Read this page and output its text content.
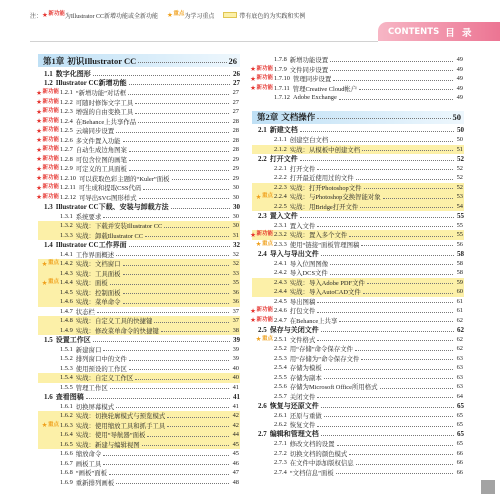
注： ★ 新功能 为Illustrator CC新增功能或全新功能 ★ 重点 为学习重点	带有底色的为实践和实例
CONTENTS 目 录
第1章 初识Illustrator CC	26
1.1 数字化图形	26
1.2 Illustrator CC新增功能	27
★ 新功能 1.2.1 “新增功能”对话框	27
★ 新功能 1.2.2 可随时修饰文字工具	27
★ 新功能 1.2.3 增强的自由变换工具	27
★ 新功能 1.2.4 在Behance上共享作品	28
★ 新功能 1.2.5 云端同步设置	28
★ 新功能 1.2.6 多文件置入功能	28
★ 新功能 1.2.7 自动生成边角图案	28
★ 新功能 1.2.8 可包含位图的画笔	29
★ 新功能 1.2.9 可定义的工具面板	29
★ 新功能 1.2.10 可以获取色彩主题的“Kuler”面板	29
★ 新功能 1.2.11 可生成和提取CSS代码	30
★ 新功能 1.2.12 可导出SVG图形样式	30
1.3 Illustrator CC下载、安装与卸载方法	30
1.3.1 系统要求	30
1.3.2 实战：下载并安装Illustrator CC	30
1.3.3 实战：卸载Illustrator CC	31
1.4 Illustrator CC工作界面	32
1.4.1 工作界面概述	32
★ 重点 1.4.2 实战：文档窗口	32
1.4.3 实战：工具面板	33
★ 重点 1.4.4 实战：面板	35
1.4.5 实战：控制面板	36
1.4.6 实战：菜单命令	36
1.4.7 状态栏	37
1.4.8 实战：自定义工具的快捷键	37
1.4.9 实战：修改菜单命令的快捷键	38
1.5 设置工作区	39
1.5.1 新建窗口	39
1.5.2 排列窗口中的文件	39
1.5.3 使用预设的工作区	40
1.5.4 实战：自定义工作区	40
1.5.5 管理工作区	41
1.6 查看图稿	41
1.6.1 切换屏幕模式	41
1.6.2 实战：切换轮廓模式与预览模式	42
★ 重点 1.6.3 实战：使用缩放工具和抓手工具	42
1.6.4 实战：使用“导航器”面板	44
1.6.5 实战：新建与编辑视图	45
1.6.6 缩放命令	45
1.6.7 画板工具	46
1.6.8 “画板”面板	47
1.6.9 重新排列画板	48
1.7.8 新增功能设置	49
★ 新功能 1.7.9 文件同步设置	49
★ 新功能 1.7.10 管理同步设置	49
★ 新功能 1.7.11 管理Creative Cloud帐户	49
1.7.12 Adobe Exchange	49
第2章 文档操作	50
2.1 新建文档	50
2.1.1 创建空白文档	50
2.1.2 实战：从模板中创建文档	51
2.2 打开文件	52
2.2.1 打开文件	52
2.2.2 打开最近使用过的文件	52
2.2.3 实战：打开Photoshop文件	52
★ 重点 2.2.4 实战：与Photoshop交换智能对象	53
2.2.5 实战：用Bridge打开文件	54
2.3 置入文件	55
2.3.1 置入文件	55
★ 新功能 2.3.2 实战：置入多个文件	55
★ 重点 2.3.3 使用“链接”面板管理图稿	56
2.4 导入与导出文件	58
2.4.1 导入位图图像	58
2.4.2 导入DCS文件	58
2.4.3 实战：导入Adobe PDF文件	59
2.4.4 实战：导入AutoCAD文件	60
2.4.5 导出图稿	61
★ 新功能 2.4.6 打包文件	61
★ 新功能 2.4.7 在Behance上共享	62
2.5 保存与关闭文件	62
★ 重点 2.5.1 文件格式	62
2.5.2 用“存储”命令保存文件	62
2.5.3 用“存储为”命令保存文件	63
2.5.4 存储为模板	63
2.5.5 存储为副本	63
2.5.6 存储为Microsoft Office所用格式	63
2.5.7 关闭文件	64
2.6 恢复与还原文件	65
2.6.1 还原与重做	65
2.6.2 恢复文件	65
2.7 编辑和管理文档	65
2.7.1 修改文档的设置	65
2.7.2 切换文档的颜色模式	66
2.7.3 在文件中添加版权信息	66
2.7.4 “文档信息”面板	66
